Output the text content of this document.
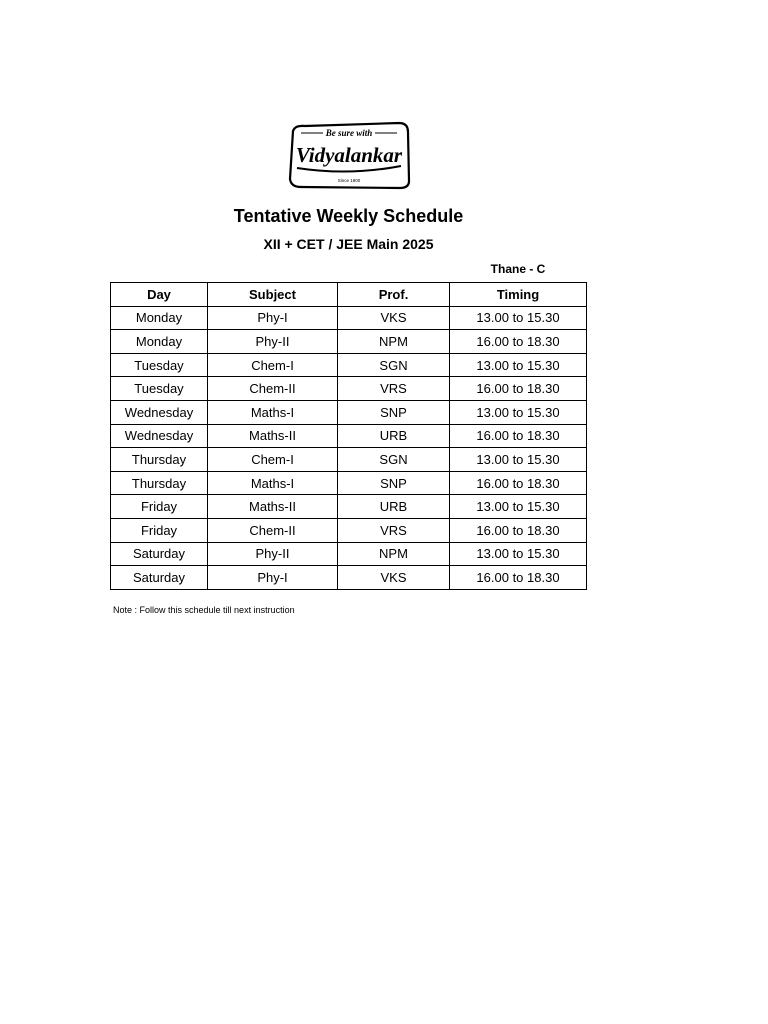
Be sure with
Vidyalankar
Since 1900
Tentative Weekly Schedule
XII + CET / JEE Main 2025
Thane - C
Day	Subject	Prof.	Timing
Monday	Phy-I	VKS	13.00 to 15.30
Monday	Phy-II	NPM	16.00 to 18.30
Tuesday	Chem-I	SGN	13.00 to 15.30
Tuesday	Chem-II	VRS	16.00 to 18.30
Wednesday	Maths-I	SNP	13.00 to 15.30
Wednesday	Maths-II	URB	16.00 to 18.30
Thursday	Chem-I	SGN	13.00 to 15.30
Thursday	Maths-I	SNP	16.00 to 18.30
Friday	Maths-II	URB	13.00 to 15.30
Friday	Chem-II	VRS	16.00 to 18.30
Saturday	Phy-II	NPM	13.00 to 15.30
Saturday	Phy-I	VKS	16.00 to 18.30
Note : Follow this schedule till next instruction
